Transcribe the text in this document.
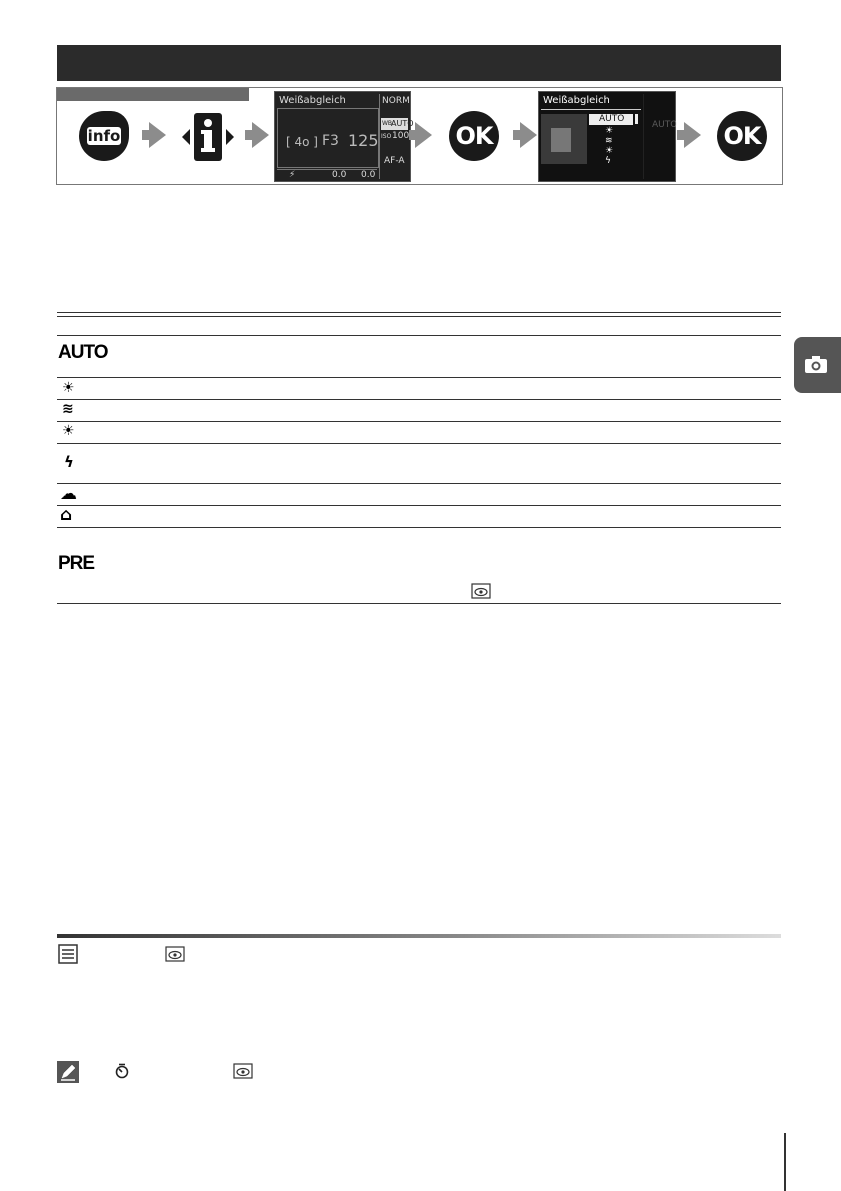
info
Weißabgleich
[ 4o ] F3 125
⚡	0.0 0.0
NORM
WB
AUTO
ISO 100
AF-A
OK
Weißabgleich
AUTO
☀
≋
☀
ϟ
AUTO OK
AUTO
☀
≋
☀
ϟ
☁
⌂
PRE
